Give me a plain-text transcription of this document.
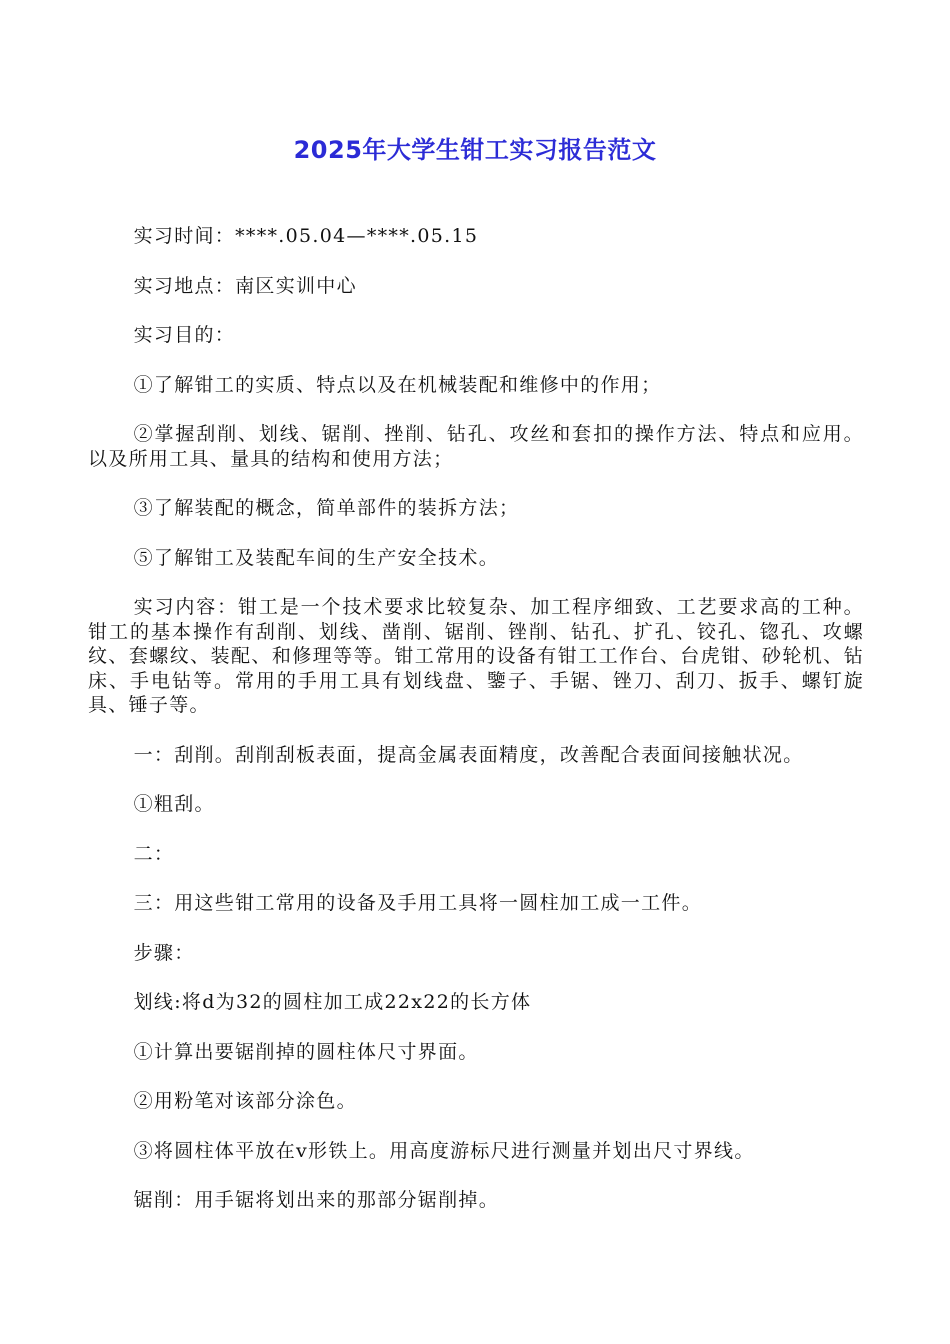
2025年大学生钳工实习报告范文

实习时间：****.05.04—****.05.15

实习地点：南区实训中心

实习目的：

①了解钳工的实质、特点以及在机械装配和维修中的作用；

②掌握刮削、划线、锯削、挫削、钻孔、攻丝和套扣的操作方法、特点和应用。以及所用工具、量具的结构和使用方法；

③了解装配的概念，简单部件的装拆方法；

⑤了解钳工及装配车间的生产安全技术。

实习内容：钳工是一个技术要求比较复杂、加工程序细致、工艺要求高的工种。钳工的基本操作有刮削、划线、凿削、锯削、锉削、钻孔、扩孔、铰孔、锪孔、攻螺纹、套螺纹、装配、和修理等等。钳工常用的设备有钳工工作台、台虎钳、砂轮机、钻床、手电钻等。常用的手用工具有划线盘、鑒子、手锯、锉刀、刮刀、扳手、螺钉旋具、锤子等。

一：刮削。刮削刮板表面，提高金属表面精度，改善配合表面间接触状况。

①粗刮。

二：

三：用这些钳工常用的设备及手用工具将一圆柱加工成一工件。

步骤：

划线:将d为32的圆柱加工成22x22的长方体

①计算出要锯削掉的圆柱体尺寸界面。

②用粉笔对该部分涂色。

③将圆柱体平放在v形铁上。用高度游标尺进行测量并划出尺寸界线。

锯削：用手锯将划出来的那部分锯削掉。
